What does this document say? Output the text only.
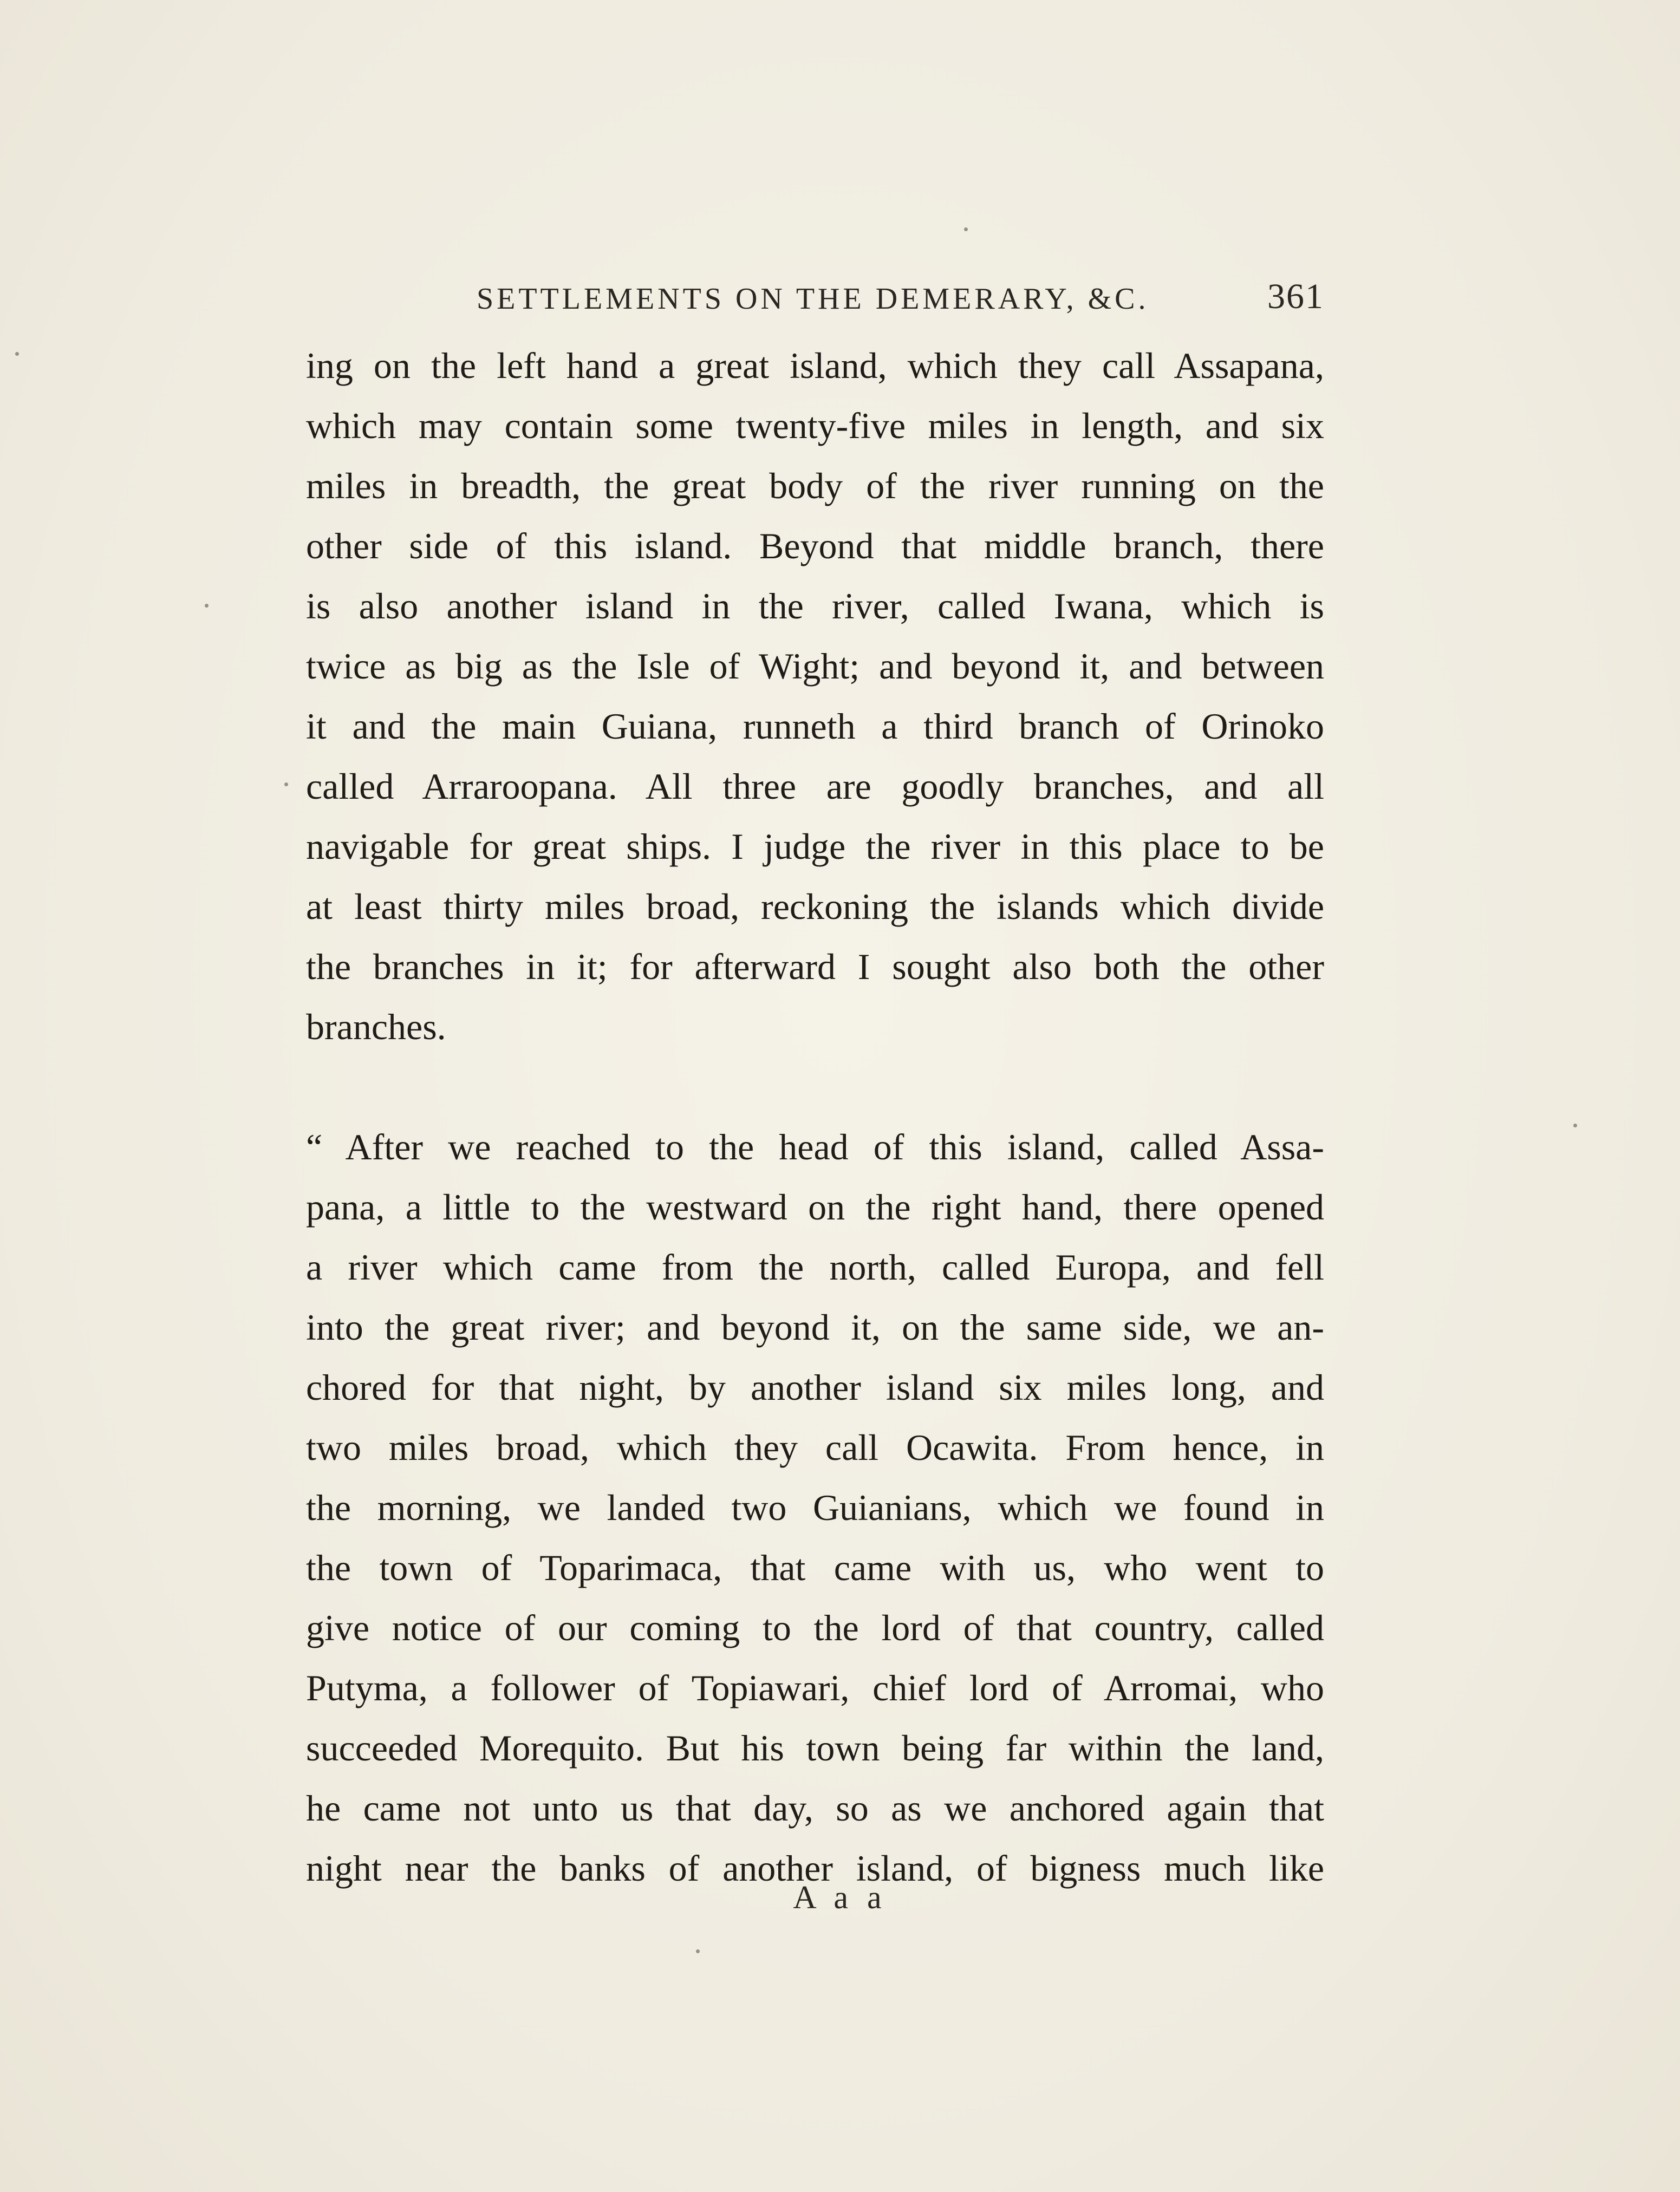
SETTLEMENTS ON THE DEMERARY, &C.	361
ing on the left hand a great island, which they call Assapana,
which may contain some twenty-five miles in length, and six
miles in breadth, the great body of the river running on the
other side of this island. Beyond that middle branch, there
is also another island in the river, called Iwana, which is
twice as big as the Isle of Wight; and beyond it, and between
it and the main Guiana, runneth a third branch of Orinoko
called Arraroopana. All three are goodly branches, and all
navigable for great ships. I judge the river in this place to be
at least thirty miles broad, reckoning the islands which divide
the branches in it; for afterward I sought also both the other
branches.
“ After we reached to the head of this island, called Assa-
pana, a little to the westward on the right hand, there opened
a river which came from the north, called Europa, and fell
into the great river; and beyond it, on the same side, we an-
chored for that night, by another island six miles long, and
two miles broad, which they call Ocawita. From hence, in
the morning, we landed two Guianians, which we found in
the town of Toparimaca, that came with us, who went to
give notice of our coming to the lord of that country, called
Putyma, a follower of Topiawari, chief lord of Arromai, who
succeeded Morequito. But his town being far within the land,
he came not unto us that day, so as we anchored again that
night near the banks of another island, of bigness much like
A a a
